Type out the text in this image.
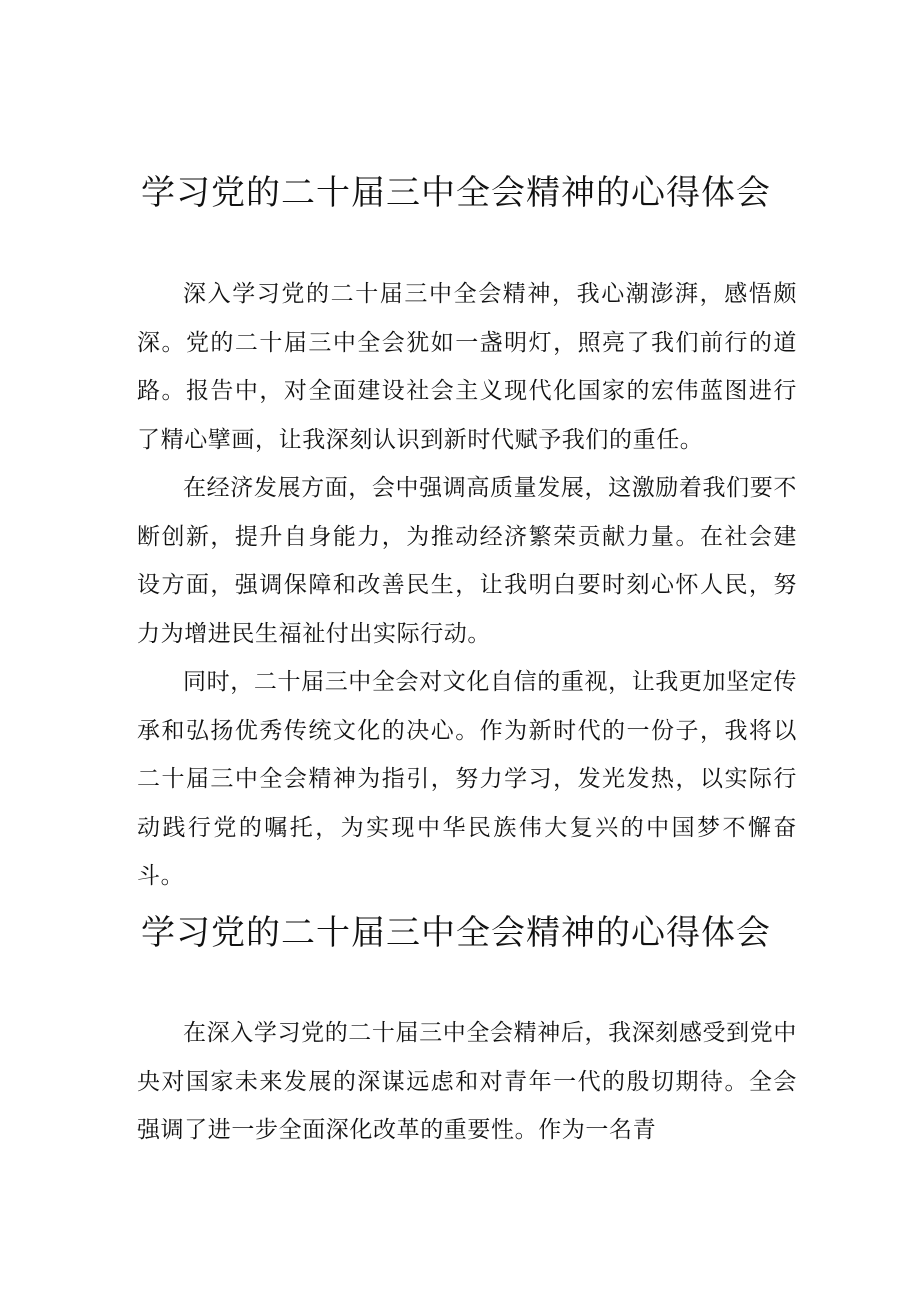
学习党的二十届三中全会精神的心得体会

深入学习党的二十届三中全会精神，我心潮澎湃，感悟颇深。党的二十届三中全会犹如一盏明灯，照亮了我们前行的道路。报告中，对全面建设社会主义现代化国家的宏伟蓝图进行了精心擘画，让我深刻认识到新时代赋予我们的重任。

在经济发展方面，会中强调高质量发展，这激励着我们要不断创新，提升自身能力，为推动经济繁荣贡献力量。在社会建设方面，强调保障和改善民生，让我明白要时刻心怀人民，努力为增进民生福祉付出实际行动。

同时，二十届三中全会对文化自信的重视，让我更加坚定传承和弘扬优秀传统文化的决心。作为新时代的一份子，我将以二十届三中全会精神为指引，努力学习，发光发热，以实际行动践行党的嘱托，为实现中华民族伟大复兴的中国梦不懈奋斗。

学习党的二十届三中全会精神的心得体会

在深入学习党的二十届三中全会精神后，我深刻感受到党中央对国家未来发展的深谋远虑和对青年一代的殷切期待。全会强调了进一步全面深化改革的重要性。作为一名青
